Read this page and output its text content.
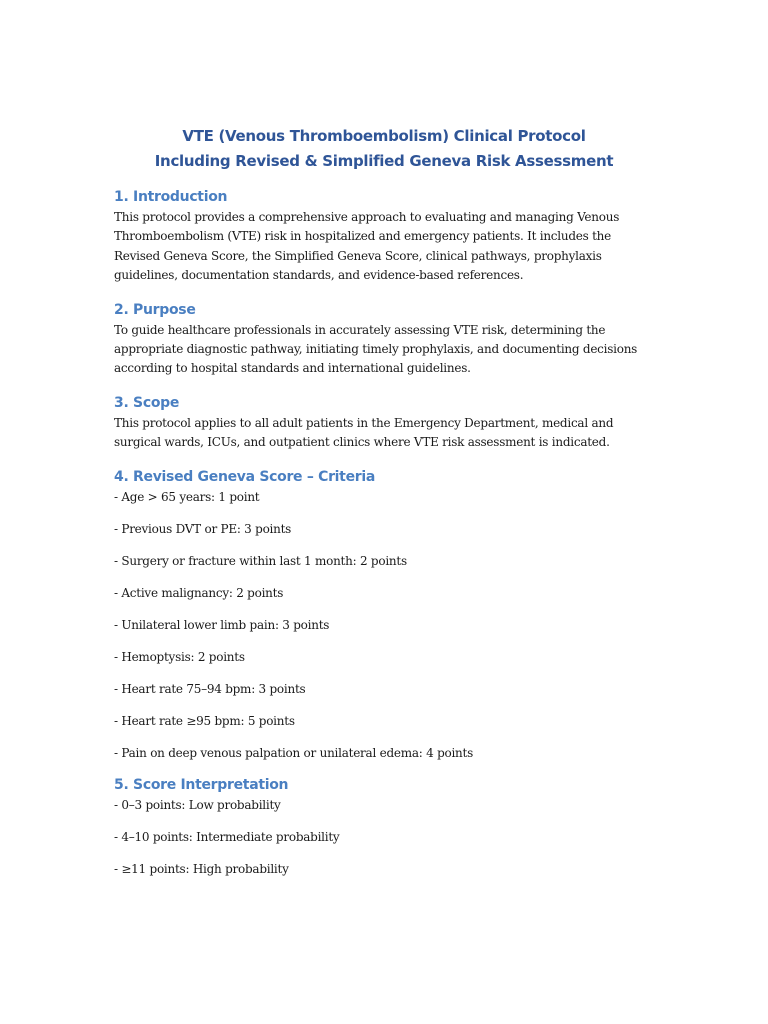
VTE (Venous Thromboembolism) Clinical Protocol
Including Revised & Simplified Geneva Risk Assessment
1. Introduction
This protocol provides a comprehensive approach to evaluating and managing Venous
Thromboembolism (VTE) risk in hospitalized and emergency patients. It includes the
Revised Geneva Score, the Simplified Geneva Score, clinical pathways, prophylaxis
guidelines, documentation standards, and evidence-based references.
2. Purpose
To guide healthcare professionals in accurately assessing VTE risk, determining the
appropriate diagnostic pathway, initiating timely prophylaxis, and documenting decisions
according to hospital standards and international guidelines.
3. Scope
This protocol applies to all adult patients in the Emergency Department, medical and
surgical wards, ICUs, and outpatient clinics where VTE risk assessment is indicated.
4. Revised Geneva Score – Criteria

- Age > 65 years: 1 point

- Previous DVT or PE: 3 points

- Surgery or fracture within last 1 month: 2 points

- Active malignancy: 2 points

- Unilateral lower limb pain: 3 points

- Hemoptysis: 2 points

- Heart rate 75–94 bpm: 3 points

- Heart rate ≥95 bpm: 5 points

- Pain on deep venous palpation or unilateral edema: 4 points

5. Score Interpretation

- 0–3 points: Low probability

- 4–10 points: Intermediate probability

- ≥11 points: High probability
